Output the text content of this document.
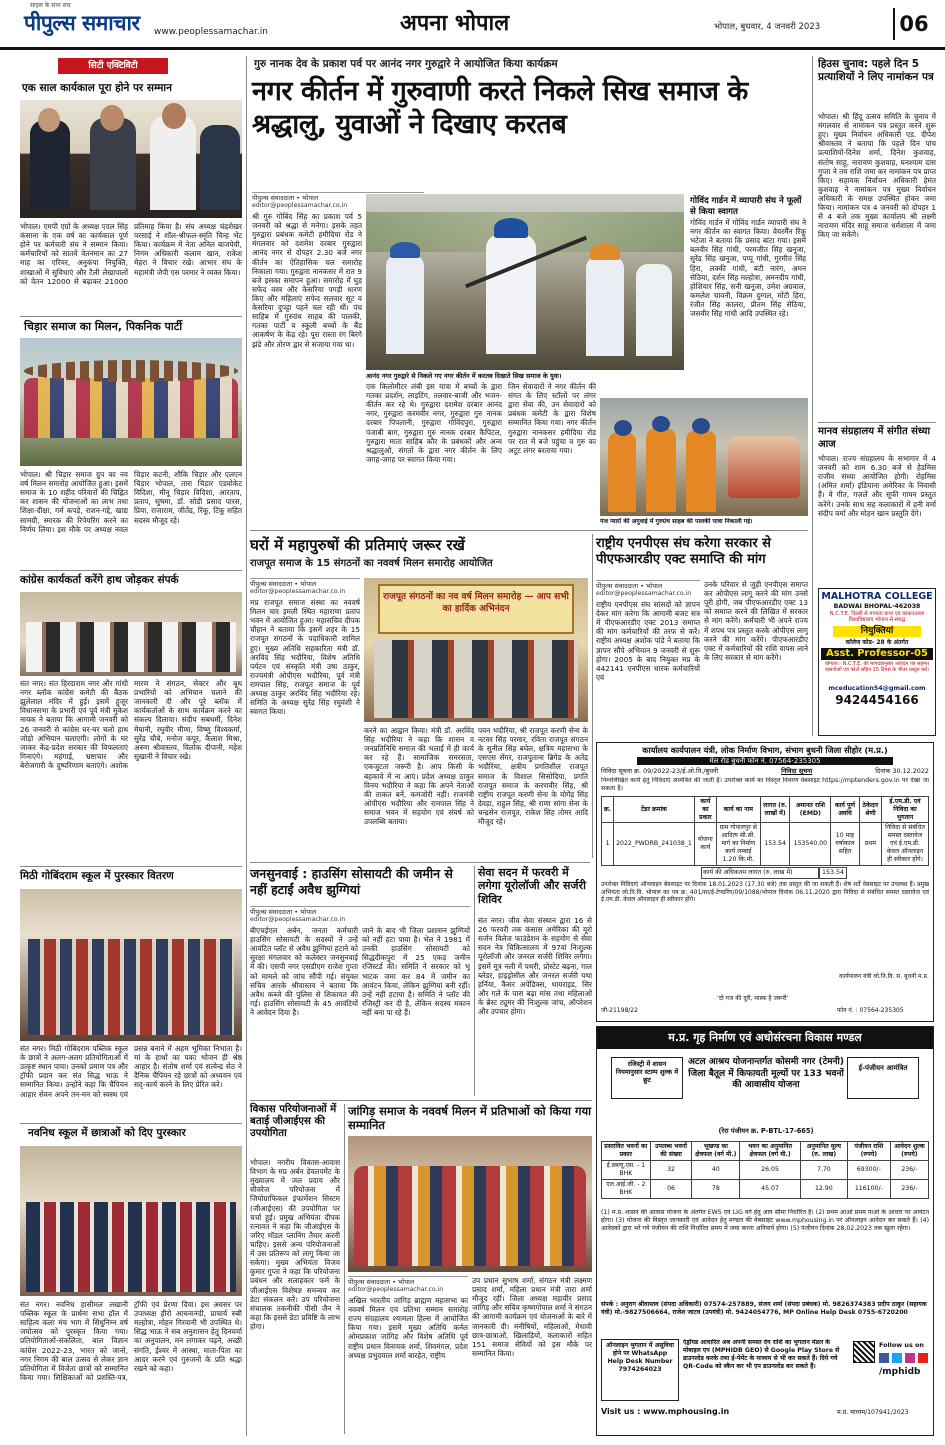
साहस के साथ सच
पीपुल्स समाचार www.peoplessamachar.in	अपना भोपाल	भोपाल, बुधवार, 4 जनवरी 2023	06
सिटी एक्टिविटी
एक साल कार्यकाल पूरा होने पर सम्मान
भोपाल। एमपी एग्रो के अध्यक्ष एदल सिंह कंसाना के एक वर्ष का कार्यकाल पूर्ण होने पर कर्मचारी संघ ने सम्मान किया। कर्मचारियों को सातवें वेतनमान का 27 माह का एरियर, अनुकंपा नियुक्ति, शाखाओं में सुविधाएं और टैली लेखापालों को वेतन 12000 से बढ़ाकर 21000 प्रतिमाह किया है। संघ अध्यक्ष चंद्रशेखर परसाई ने शॉल-श्रीफल-स्मृति चिन्ह भेंट किया। कार्यक्रम में नेता अनिल बाजपेयी, निगम अधिकारी कलाम खान, राकेश मेहरा ने विचार रखे। आभार संघ के महामंत्री जेपी एस परमार ने व्यक्त किया।
चिड़ार समाज का मिलन, पिकनिक पार्टी
भोपाल। श्री चिड़ार समाज ग्रुप का नव वर्ष मिलन समारोह आयोजित हुआ। इसमें समाज के 10 शहीद परिवारों की चिह्नित कर शासन की योजनाओं का लाभ तथा शिक्षा-दीक्षा, गर्म कपड़े, राशन-गद्दे, खाद्य सामग्री, स्मारक की रिपेयरिंग करने का निर्णय लिया। इस मौके पर अध्यक्ष नवल चिड़ार कटनी, शौकि चिड़ार और एलएन चिड़ार भोपाल, तारा चिड़ार एडवोकेट विदिशा, मीनू चिड़ार विदिशा, आरताप, प्रताप, सुषमा, डॉ. सोडी प्रसाद पारस, प्रिया, राजाराम, जीतेंद्र, रिंकू, टिंकू सहित सदस्य मौजूद रहे।
कांग्रेस कार्यकर्ता करेंगे हाथ जोड़कर संपर्क
संत नगर। संत हिरदाराम नगर और गांधी नगर ब्लॉक कांग्रेस कमेटी की बैठक झूलेलाल मंदिर में हुई। इसमें हुजूर विधानसभा के प्रभारी एवं पूर्व मंत्री मुकेश नायक ने बताया कि आगामी जनवरी को 26 जनवरी से कांग्रेस घर-घर चलो हाथ जोड़ो अभियान चलाएगी। लोगों के घर जाकर केंद्र-प्रदेश सरकार की विफलताएं गिनाएंगे। महंगाई, भ्रष्टाचार और बेरोजगारी के दुष्परिणाम बताएंगे। अशोक मारण ने संगठन, सेक्टर और बूथ प्रभारियों को अभियान चलाने की जानकारी दी और पूरे ब्लॉक में कार्यकर्ताओं के साथ कार्यक्रम करने का संकल्प दिलाया। संदीप सबधर्मी, दिनेश मेघानी, रघुवीर मीणा, विष्णु विश्वकर्मा, सुरेंद्र चौबे, मनोज कपूर, कैलाश मिश्रा, अरुण श्रीवास्तव, विलोक दीपानी, महेश सुखानी ने विचार रखे।
मिठी गोबिंदराम स्कूल में पुरस्कार वितरण
संत नगर। मिठी गोबिंदराम पब्लिक स्कूल के छात्रों ने अलग-अलग प्रतियोगिताओं में उत्कृष्ट स्थान पाया। उनको प्रमाण पत्र और ट्रॉफी प्रदान कर संत सिद्ध भाऊ ने सम्मानित किया। उन्होंने कहा कि चैंपियन आहार सेवन अपने तन-मन को स्वस्थ एवं प्रसन्न बनाने में अहम भूमिका निभाता है। मां के हाथों का पका भोजन ही श्रेष्ठ आहार है। संतोष शर्मा एवं सत्येन्द्र सेठ ने दैनिक चैंपियन रहे छात्रों को अध्ययन एवं सद्-कार्य करने के लिए प्रेरित करे।
नवनिध स्कूल में छात्राओं को दिए पुरस्कार
संत नगर। नवनिध हासीमल लखानी पब्लिक स्कूल के प्रार्थना सभा हॉल में साहित्य कला मंच भाग में सिंधुनिम्न वर्ष जयोत्सव को पुरस्कृत किया गया। प्रतियोगिताओं-संकलिता, बाल विज्ञान कांग्रेस 2022-23, भारत को जानो, नगर निगम की बाल उत्सव से लेकर ज्ञान प्रतियोगिता में विजेता छात्रों को सम्मानित किया गया। सिक्षिकाओं को प्रशस्ति-पत्र, ट्रॉफी एवं प्रेरणा दिया। इस अवसर पर उपाध्यक्ष हीरो आचनानंदी, प्राचार्य रुबी मल्होत्रा, मोहन गिरवानी भी उपस्थित थे। सिद्ध भाऊ ने सब अनुशासन हेतु दिनचर्या का अनुपालन, मन लगाकर पढ़ने, अच्छी संगति, ईश्वर में आस्था, माता-पिता का आदर करने एवं गुरुजनों के प्रति श्रद्धा रखने को कहा।
गुरु नानक देव के प्रकाश पर्व पर आनंद नगर गुरुद्वारे ने आयोजित किया कार्यक्रम
नगर कीर्तन में गुरुवाणी करते निकले सिख समाज के श्रद्धालु, युवाओं ने दिखाए करतब
पीपुल्स संवाददाता • भोपाल
editor@peoplessamachar.co.in
श्री गुरु गोबिंद सिंह का प्रकाश पर्व 5 जनवरी को श्रद्धा से मनेगा। इसके तहत गुरुद्वारा प्रबंधक कमेटी हमीदिया रोड ने मंगलवार को दशमेश दरबार गुरुद्वारा आनंद नगर से दोपहर 2.30 बजे नगर कीर्तन का ऐतिहासिक चल समारोह निकाला गया। गुरुद्वारा नानकसर में रात 9 बजे इसका समापन हुआ। समारोह में घुड़ सफेद वस्त्र और केसरिया पगड़ी धारण किए और महिलाएं सफेद सलवार सूट व केसरिया दुपट्टा पहने चल रही थीं। पंच साहिब में गुरुग्रंथ साहब की पालकी, गतका पार्टी व स्कूली बच्चों के बैंड आकर्षण के केंद्र रहे। पूरा रास्ता रंग बिरंगे झंडे और तोरण द्वार से सजाया गया था।
आनंद नगर गुरुद्वारे से निकले गए नगर कीर्तन में करतब दिखाते सिख समाज के युवा।
एक किलोमीटर लंबी इस यात्रा में बच्चों के द्वारा गतका प्रदर्शन, लाइटिंग, तलवार-बाजी और भजन-कीर्तन कर रहे थे। गुरुद्वारा दशमेश दरबार आनंद नगर, गुरुद्वारा करमवीर नगर, गुरुद्वारा गुरु नानक दरबार पिपलानी, गुरुद्वारा गोविंदपुरा, गुरुद्वारा पंजाबी बाग, गुरुद्वारा गुरु नानक दरबार कैपिटल, गुरुद्वारा माता साहिब कौर के प्रबंधकों और अन्य श्रद्धालुओं, संगतों के द्वारा नगर कीर्तन के लिए जगह-जगह पर स्वागत किया गया।
जिन सेवादारों ने नगर कीर्तन की संगत के लिए स्टॉलों पर लंगर द्वारा सेवा की, उन सेवादारों को प्रबंधक कमेटी के द्वारा विशेष सम्मानित किया गया। नगर कीर्तन गुरुद्वारा नानकसर हमीदिया रोड पर रात में बजे पहुंचा व गुरु का अटूट लंगर बरताया गया।
गोविंद गार्डन में व्यापारी संघ ने फूलों से किया स्वागत
गोविंद गार्डन में गोविंद गार्डन व्यापारी संघ ने नगर कीर्तन का स्वागत किया। वेयरर्मैन रिंकू भटेजा ने बताया कि प्रसाद बांटा गया। इसमें बलवीर सिंह गांधी, परमजीत सिंह खनूजा, सुरेंद्र सिंह खनूजा, पप्पू गांधी, गुरमीत सिंह हिरा, लक्की गांधी, बंटी नारंग, अमन सेठिया, दर्शन सिंह मल्होत्रा, अमनदीप गांधी, होशियार सिंह, सनी खनूजा, उमेश अग्रवाल, कमलेश चावनी, विक्रम दुग्गल, मोंटी हिरा, रंजीत सिंह कालरा, प्रीतम सिंह सेठिया, जसवीर सिंह गांधी आदि उपस्थित रहे।
पंज प्यारों की अगुवाई में गुरुग्रंथ साहब की पालकी यात्रा निकाली गई।
घरों में महापुरुषों की प्रतिमाएं जरूर रखें
राजपूत समाज के 15 संगठनों का नववर्ष मिलन समारोह आयोजित
पीपुल्स संवाददाता • भोपाल
editor@peoplessamachar.co.in
मप्र राजपूत समाज संस्था का नववर्ष मिलन चार इमली स्थित महाराणा प्रताप भवन में आयोजित हुआ। महासचिव दीपक चौहान ने बताया कि इसमें शहर के 15 राजपूत संगठनों के पदाधिकारी शामिल हुए। मुख्य अतिथि सहकारिता मंत्री डॉ. अरविंद सिंह भदौरिया, विशेष अतिथि पर्यटन एवं संस्कृति मंत्री उषा ठाकुर, राज्यमंत्री ओपीएस भदौरिया, पूर्व मंत्री रामपाल सिंह, राजपूत समाज के पूर्व अध्यक्ष ठाकुर अरविंद सिंह भदौरिया रहे। समिति के अध्यक्ष सुरेंद्र सिंह रघुवंशी ने स्वागत किया।
राजपूत संगठनों का नव वर्ष मिलन समारोह — आप सभी का हार्दिक अभिनंदन
करने का आह्वान किया। मंत्री डॉ. अरविंद सिंह भदौरिया ने कहा कि शासन व जनप्रतिनिधि समाज की भलाई में ही कार्य कर रहे हैं। सामाजिक समरसता, एकजुटता जरूरी है। आप किसी के बहकावे में ना आएं। प्रदेश अध्यक्ष ठाकुर विनय भदौरिया ने कहा कि अपने नेताओं की ताकत बनें, कमजोरी नहीं। राजमंत्री ओपीएस भदौरिया और रामपाल सिंह ने समाज भवन में सहयोग एवं संघर्ष को उपलब्धि बताया।
पवन भदौरिया, श्री राजपूत करणी सेना के नटवर सिंह परमार, रविता राजपूत संगठन के सुनील सिंह बघेल, क्षत्रिय महासभा के एसएस सेंगर, राजपुताना ब्रिगेड के अतेंद्र भदौरिया, क्षत्रीय प्रगतिशील राजपूत समाज के विशाल सिसोदिया, प्रगति राजपूत समाज के करणवीर सिंह, श्री राष्ट्रीय राजपूत करणी सेना के योगेंद्र सिंह देवड़ा, राहुल सिंह, श्री राणा सांगा सेना के चन्द्रसेन राजपूत, राकेश सिंह तोमर आदि मौजूद रहे।
राष्ट्रीय एनपीएस संघ करेगा सरकार से पीएफआरडीए एक्ट समाप्ति की मांग
पीपुल्स संवाददाता • भोपाल
editor@peoplessamachar.co.in
राष्ट्रीय एनपीएस संघ सांसदों को ज्ञापन देकर मांग करेगा कि आगामी बजट सत्र में पीएफआरडीए एक्ट 2013 समाप्त की मांग कर्मचारियों की तरफ से करें। राष्ट्रीय अध्यक्ष अशोक पांडे ने बताया कि ज्ञापन सौंपे अभियान 9 जनवरी से शुरू होगा। 2005 के बाद नियुक्त मप्र के 442141 एनपीएस धारक कर्मचारियों एवं
उनके परिवार से जुड़ी एनपीएस समाप्त कर ओपीएस लागू करने की मांग उनसे पूरी होगी, जब पीएफआरडीए एक्ट 13 को समाप्त करने की लिखित में सरकार से मांग करेंगे। कर्मचारी भी अपने राज्य में शपथ पत्र प्रस्तुत करके ओपीएस लागू करने की मांग करेंगे। पीएफआरडीए एक्ट में कर्मचारियों की राशि वापस लाने के लिए सरकार से मांग करेंगे।
कार्यालय कार्यपालन यंत्री, लोक निर्माण विभाग, संभाग बुधनी जिला सीहोर (म.प्र.)
मेल रोड बुधनी फोन नं. 07564-235305
निविदा सूचना क्र. 09/2022-23/ई.ओ.पि./बुधनी	निविदा सूचना	दिनांक 30.12.2022
निम्नलिखित कार्य हेतु निविदाएं आमंत्रित की जाती है। उपरोक्त कार्य का विस्तृत विवरण वेबसाइट https://mptenders.gov.in पर देखा जा सकता है।
क्र.	टेंडर क्रमांक	कार्य का प्रकार	कार्य का नाम	लागत (रु. लाखों में)	अमानत राशि (EMD)	कार्य पूर्ण अवधि	ठेकेदार श्रेणी	ई.एम.डी. एवं निविदा का भुगतान
1	2022_PWDRB_241038_1	योजना कार्य	ग्राम गोपालपुर से आदित्य सी.सी. मार्ग का निर्माण कार्य लम्बाई 1.20 कि.मी.	153.54	153540.00	10 माह वर्षाकाल सहित	प्रथम	निविदा से संबंधित समस्त दस्तावेज एवं ई.एम.डी. केवल ऑनलाइन ही स्वीकार होंगे।
कार्य की अधिकतम लागत (रु. लाख में)	153.54
उपरोक्त निविदाएं ऑनलाइन बेवसाइट पर दिनांक 18.01.2023 (17.30 बजे) तक प्रस्तुत की जा सकती हैं। शेष शर्तें वेबसाइट पर उपलब्ध हैं। प्रमुख अभियंता लो.नि.वि. भोपाल का पत्र क्र. 401/सा/ई-टेण्डरिंग/09/1088/भोपाल दिनांक 06.11.2020 द्वारा निविदा से संबंधित समस्त दस्तावेज एवं ई.एम.डी. केवल ऑनलाइन ही स्वीकार होंगे।
‘दो गज की दूरी, मास्क है जरूरी’
कार्यपालन यंत्री लो.नि.वि. स. बुधनी म.प्र.
जी-21198/22	फोन नं. : 07564-235305
जनसुनवाई : हाउसिंग सोसायटी की जमीन से नहीं हटाईं अवैध झुग्गियां
पीपुल्स संवाददाता • भोपाल
editor@peoplessamachar.co.in
बीएचईएल अर्बन, जनता कर्मचारी हाउसिंग सोसायटी के सदस्यों ने उन्हें आवंटित प्लॉट से अवैध झुग्गियां हटाने को सुरक्षा मंगलवार को कलेक्टर जनसुनवाई में की। एसपी नगर एसडीएम राजेश गुप्ता को मामले को जांच सौंपी गई। संयुक्त सचिव आरके श्रीवास्तव ने बताया कि अवैध कब्जे की पुलिस से शिकायत की गई। हाउसिंग सोसायटी के 45 आवंटियों ने आवेदन दिया है।
जाने के बाद भी जिला प्रशासन झुग्गियों को नहीं हटा पाया है। भेल ने 1981 में उनकी हाउसिंग सोसायटी को सिद्धदीकपुरा में 25 एकड़ जमीन रजिस्टर्ड की। समिति ने सरकार को भू भाटक जमा कर 84 में जमीन का आवंटन किया, लेकिन झुग्गियां बनी रहीं। उन्हें नहीं हटाया है। समिति ने प्लॉट की रजिस्ट्री कर दी है, लेकिन सदस्य मकान नहीं बना पा रहे हैं।
सेवा सदन में फरवरी में लगेगा यूरोलॉजी और सर्जरी शिविर
संत नगर। जीव सेवा संस्थान द्वारा 16 से 26 फरवरी तक कंसास अमेरिका की यूरो सर्जन विलेज फाउंडेशन के सहयोग से सेवा सदन नेत्र चिकित्सालय में 97वां निःशुल्क यूरोलॉजी और जनरल सर्जरी शिविर लगेगा। इसमें मूत्र नली में पथरी, प्रोस्टेट बढ़ना, गाल ब्लेडर, हाइड्रोसील और जनरल सर्जरी यथा हर्निया, कैंसर अपेंडिक्स, थायराइड, सिर और गले के पास बढ़ा मांस तथा महिलाओं के ब्रेस्ट ट्यूमर की निःशुल्क जांच, ऑपरेशन और उपचार होगा।
विकास परियोजनाओं में बताई जीआईएस की उपयोगिता
भोपाल। नगरीय विकास-आवास विभाग के मप्र अर्बन डेवलपमेंट के मुख्यालय में जल प्रदाय और सीवरेज परियोजना में जियोग्राफिकल इंफार्मेशन सिस्टम (जीआईएस) की उपयोगिता पर चर्चा हुई। प्रमुख अभियंता दीपक रत्नावत ने कहा कि जीआईएस के जरिए मॉडल प्लानिंग तैयार करनी चाहिए। इससे अन्य परियोजनाओं में उस प्रतिरूप को लागू किया जा सकेगा। मुख्य अभियंता विजय कुमार गुप्ता ने कहा कि परियोजना प्रबंधन और सलाहकार फर्म के जीआईएस विशेषज्ञ समन्वय कर डेटा संकलन करें। उप परियोजना संचालक तकनीकी पीसी जैन ने कहा कि इससे डेटा प्रविष्टि के लाभ होगा।
जांगिड़ समाज के नववर्ष मिलन में प्रतिभाओं को किया गया सम्मानित
पीपुल्स संवाददाता • भोपाल
editor@peoplessamachar.co.in
अखिल भारतीय जांगिड़ ब्राह्मण महासभा का नववर्ष मिलन एवं प्रतिभा सम्मान समारोह राज्य संग्रहालय श्यामला हिल्स में आयोजित किया गया। इसमें मुख्य अतिथि कर्नल ओमप्रकाश जांगिड़ और विशेष अतिथि पूर्व राष्ट्रीय प्रधान विनायक शर्मा, शिवमंगल, प्रदेश अध्यक्ष प्रभुदयाल शर्मा बारहेत, राष्ट्रीय
उप प्रधान सुभाष शर्मा, संगठन मंत्री लक्ष्मण प्रसाद शर्मा, महिला प्रधान मंत्री तारा शर्मा मौजूद रहीं। जिला अध्यक्ष महावीर प्रसाद जांगिड़ और सचिव कृष्णगोपाल शर्मा ने संगठन की आगामी कार्यक्रम एवं योजनाओं के बारे में जानकारी दी। मनीषियों, महिलाओं, मेधावी छात्र-छात्राओं, खिलाड़ियों, कलाकारों सहित 151 समाज सेवियों को इस मौके पर सम्मानित किया।
हिउस चुनाव: पहले दिन 5 प्रत्याशियों ने लिए नामांकन पत्र
भोपाल। श्री हिंदू उत्सव समिति के चुनाव में मंगलवार से नामांकन पत्र प्रस्तुत करने शुरू हुए। मुख्य निर्वाचन अधिकारी एड. दीपेश श्रीवास्तव ने बताया कि पहले दिन पांच प्रत्याशियों-दिनेश शर्मा, दिनेश कुशवाह, संतोष साहू, नारायण कुशवाह, घनश्याम दास गुप्ता ने तय राशि जमा कर नामांकन पत्र प्राप्त किए। सहायक निर्वाचन अधिकारी हेमंत कुशवाह ने नामांकन पत्र मुख्य निर्वाचन अधिकारी के समक्ष उपस्थित होकर जमा किया। नामांकन पत्र 4 जनवरी को दोपहर 1 से 4 बजे तक मुख्य कार्यालय श्री लक्ष्मी नारायण मंदिर साहू समाज धर्मशाला में जमा किए जा सकेंगे।
मानव संग्रहालय में संगीत संध्या आज
भोपाल। राज्य संग्रहालय के सभागार में 4 जनवरी को शाम 6.30 बजे से हेडमिस राजीव संध्या आयोजित होगी। रोहमिस (अमित शर्मा) इंडियाना अमेरिका के निवासी हैं। वे गीत, गज़लें और सूफी गायन प्रस्तुत करेंगे। उनके साथ सह कलाकारों में हनी वर्मा संदीप वर्मा और मोहन खान प्रस्तुति देंगे।
MALHOTRA COLLEGE
BADWAI BHOPAL-462038
N.C.T.E. दिल्ली से मान्यता प्राप्त एवं बरकतउल्ला विश्वविद्यालय भोपाल से संबद्ध
नियुक्तियां
कॉलेज कोड- 28 के अंतर्गत
Asst. Professor-05
योग्यता:- N.C.T.E. की मापदंडानुसार आवेदन पत्र सहमत दस्तावेजों एवं फोटो सहित 15 दिवस के भीतर प्रस्तुत करें।
mceducation54@gmail.com
9424454166
म.प्र. गृह निर्माण एवं अधोसंरचना विकास मण्डल
रजिस्ट्री में शासन नियमानुसार स्टाम्प शुल्क में छूट
ई-पंजीयन आमंत्रित
अटल आश्रय योजनान्तर्गत कोसमी नगर (टेमनी) जिला बैतूल में किफायती मूल्यों पर 133 भवनों की आवासीय योजना
(रेरा पंजीयन क्र. P-BTL-17-665)
प्रस्तावित भवनों का प्रकार	उपलब्ध भवनों की संख्या	भूखण्ड का क्षेत्रफल (वर्ग मी.)	भवन का अनुमानित क्षेत्रफल (वर्ग मी.)	अनुमानित मूल्य (रु. लाख)	पंजीयन राशि (रुपये)	आवेदन शुल्क (रुपये)
ई.डब्ल्यू.एस. - 1 BHK	32	40	26.05	7.70	69300/-	236/-
एल.आई.जी. - 2 BHK	06	78	45.07	12.90	116100/-	236/-
(1) म.प्र. शासन की आवास योजना के अंतर्गत EWS एवं LIG वर्ग हेतु आय सीमा निर्धारित है। (2) प्रथम आओ प्रथम पाओ के आधार पर आवंटन होगा। (3) योजना की विस्तृत जानकारी एवं आवेदन हेतु मण्डल की वेबसाइट www.mphousing.in पर ऑनलाइन आवेदन कर सकते हैं। (4) आवेदकों द्वारा भरे गये पंजीयन की राशि निर्धारित समय में जमा करना अनिवार्य होगा। (5) पंजीयन दिनांक 28.02.2023 तक खुला रहेगा।
संपर्क : अनुराग श्रीवास्तव (संपदा अधिकारी) 07574-257889, संजय शर्मा (संपदा प्रबंधक) मो. 9826374383 प्रदीप ठाकुर (सहायक यंत्री) मो.-9827506664, राजेश जाटव (उपयंत्री) मो. 9424054776, MP Online Help Desk 0755-6720200
ऑनलाइन भुगतान में असुविधा होने पर WhatsApp Help Desk Number 7974264023
एंड्रॉयड आधारित अब अपनी समस्त देय राशि का भुगतान मंडल के मोबाइल एप (MPHIDB GEO) से Google Play Store से डाउनलोड करके तथा ई-पेमेंट के माध्यम से भी कर सकते हैं। दिये गये QR-Code को स्कैन कर भी एप डाउनलोड कर सकते हैं।
Follow us on
/mphidb
Visit us : www.mphousing.in	म.प्र. माध्यम/107941/2023
